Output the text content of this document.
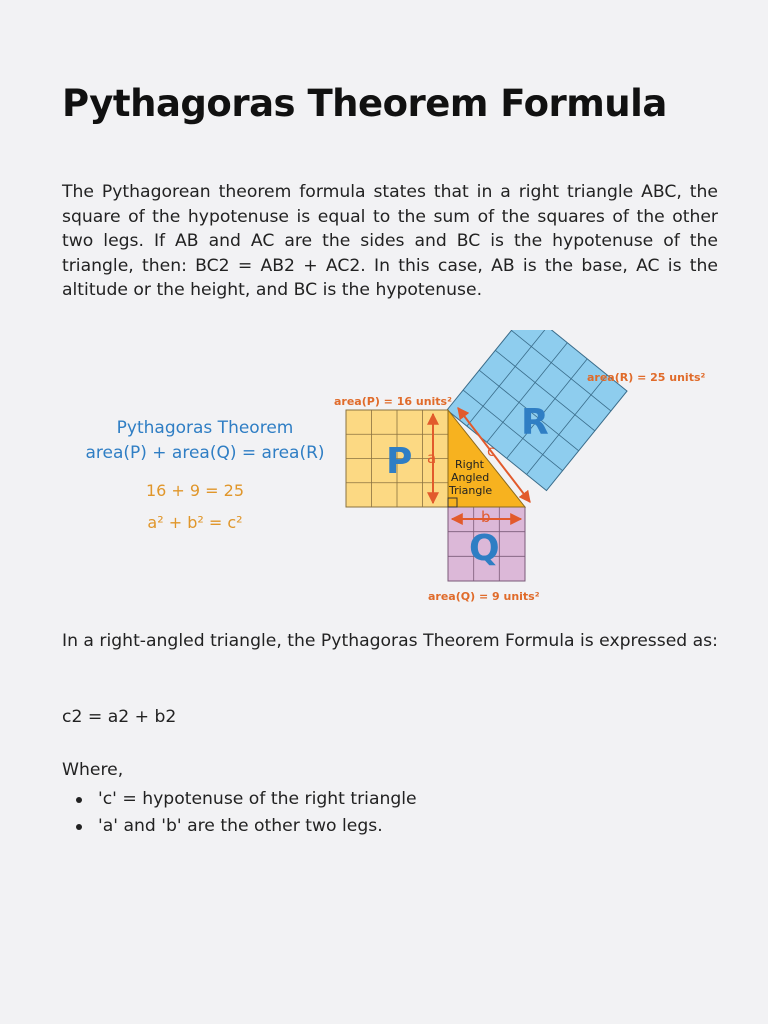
Pythagoras Theorem Formula

The Pythagorean theorem formula states that in a right triangle ABC, the square of the hypotenuse is equal to the sum of the squares of the other two legs. If AB and AC are the sides and BC is the hypotenuse of the triangle, then: BC2 = AB2 + AC2. In this case, AB is the base, AC is the altitude or the height, and BC is the hypotenuse.

Pythagoras Theorem
area(P) + area(Q) = area(R)
16 + 9 = 25
a² + b² = c²
a
b
c
P
Q
R
Right
Angled
Triangle
area(P) = 16 units²
area(R) = 25 units²
area(Q) = 9 units²

In a right-angled triangle, the Pythagoras Theorem Formula is expressed as:

c2 = a2 + b2

Where,

'c' = hypotenuse of the right triangle
'a' and 'b' are the other two legs.
